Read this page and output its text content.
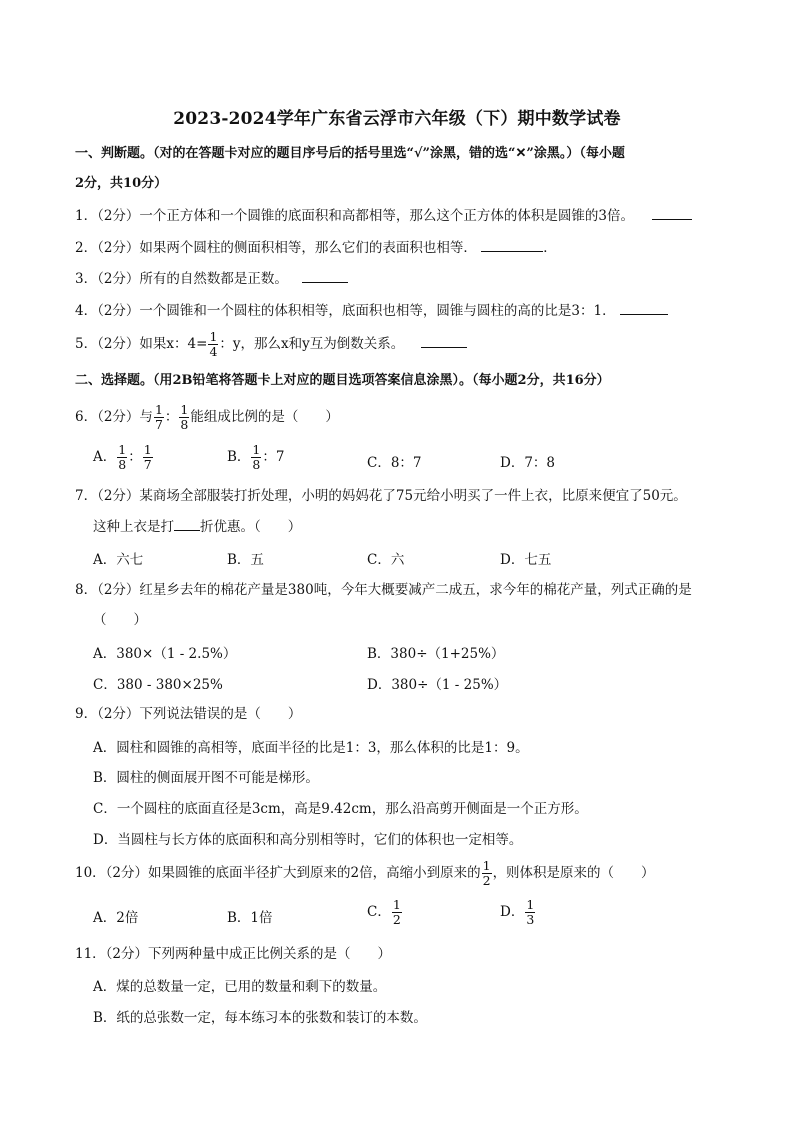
2023-2024学年广东省云浮市六年级（下）期中数学试卷
一、判断题。（对的在答题卡对应的题目序号后的括号里选“√”涂黑，错的选“✕”涂黑。）（每小题
2分，共10分）
1．（2分）一个正方体和一个圆锥的底面积和高都相等，那么这个正方体的体积是圆锥的3倍。
2．（2分）如果两个圆柱的侧面积相等，那么它们的表面积也相等．	．
3．（2分）所有的自然数都是正数。
4．（2分）一个圆锥和一个圆柱的体积相等，底面积也相等，圆锥与圆柱的高的比是3：1．
5．（2分）如果x：$4= \frac{1}{4}$ ：y，那么x和y互为倒数关系。
二、选择题。（用2B铅笔将答题卡上对应的题目选项答案信息涂黑）。（每小题2分，共16分）
6．（2分）与 $\frac{1}{7}$ ： $\frac{1}{8}$ 能组成比例的是（　　）
A． $\frac{1}{8}$ ： $\frac{1}{7}$	B． $\frac{1}{8}$ ：7	C．8：7	D．7：8
7．（2分）某商场全部服装打折处理，小明的妈妈花了75元给小明买了一件上衣，比原来便宜了50元。
这种上衣是打 折优惠。（　　）
A．六七	B．五	C．六	D．七五
8．（2分）红星乡去年的棉花产量是380吨，今年大概要减产二成五，求今年的棉花产量，列式正确的是
（　　）
A．380×（1 - 2.5%）	B．380÷（1+25%）
C．380 - 380×25%	D．380÷（1 - 25%）
9．（2分）下列说法错误的是（　　）
A．圆柱和圆锥的高相等，底面半径的比是1：3，那么体积的比是1：9。
B．圆柱的侧面展开图不可能是梯形。
C．一个圆柱的底面直径是3cm，高是9.42cm，那么沿高剪开侧面是一个正方形。
D．当圆柱与长方体的底面积和高分别相等时，它们的体积也一定相等。
10．（2分）如果圆锥的底面半径扩大到原来的2倍，高缩小到原来的 $\frac{1}{2}$ ，则体积是原来的（　　）
A．2倍	B．1倍	C． $\frac{1}{2}$	D． $\frac{1}{3}$
11．（2分）下列两种量中成正比例关系的是（　　）
A．煤的总数量一定，已用的数量和剩下的数量。
B．纸的总张数一定，每本练习本的张数和装订的本数。
